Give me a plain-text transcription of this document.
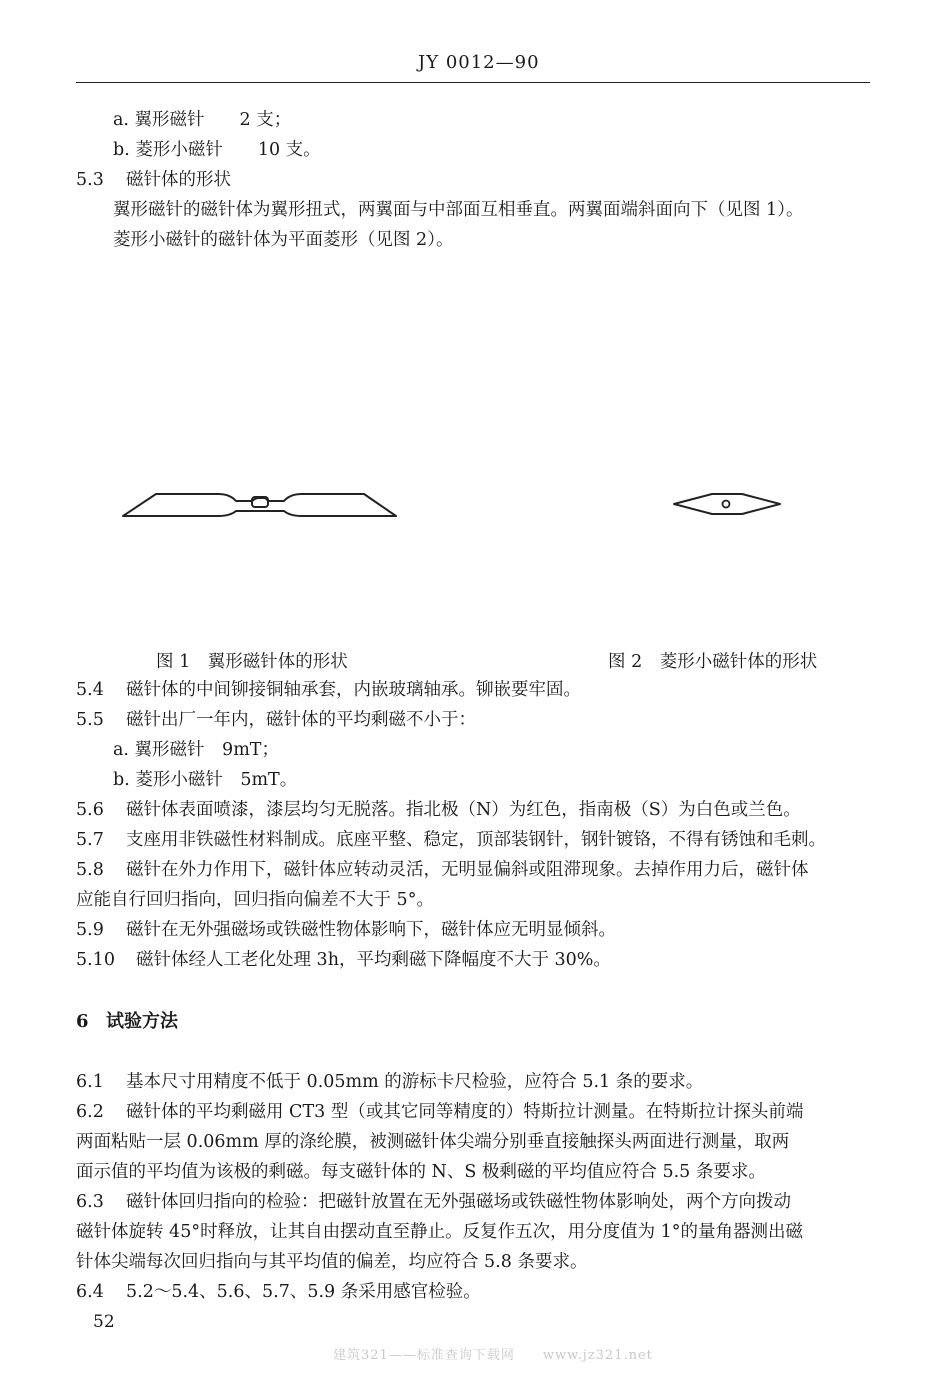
JY 0012—90
a. 翼形磁针　　2 支；
b. 菱形小磁针　　10 支。
5.3 磁针体的形状
翼形磁针的磁针体为翼形扭式，两翼面与中部面互相垂直。两翼面端斜面向下（见图 1）。
菱形小磁针的磁针体为平面菱形（见图 2）。
图 1　翼形磁针体的形状	图 2　菱形小磁针体的形状
5.4 磁针体的中间铆接铜轴承套，内嵌玻璃轴承。铆嵌要牢固。
5.5 磁针出厂一年内，磁针体的平均剩磁不小于：
a. 翼形磁针　9mT；
b. 菱形小磁针　5mT。
5.6 磁针体表面喷漆，漆层均匀无脱落。指北极（N）为红色，指南极（S）为白色或兰色。
5.7 支座用非铁磁性材料制成。底座平整、稳定，顶部装钢针，钢针镀铬，不得有锈蚀和毛刺。
5.8 磁针在外力作用下，磁针体应转动灵活，无明显偏斜或阻滞现象。去掉作用力后，磁针体
应能自行回归指向，回归指向偏差不大于 5°。
5.9 磁针在无外强磁场或铁磁性物体影响下，磁针体应无明显倾斜。
5.10 磁针体经人工老化处理 3h，平均剩磁下降幅度不大于 30%。
6 试验方法
6.1 基本尺寸用精度不低于 0.05mm 的游标卡尺检验，应符合 5.1 条的要求。
6.2 磁针体的平均剩磁用 CT3 型（或其它同等精度的）特斯拉计测量。在特斯拉计探头前端
两面粘贴一层 0.06mm 厚的涤纶膜，被测磁针体尖端分别垂直接触探头两面进行测量，取两
面示值的平均值为该极的剩磁。每支磁针体的 N、S 极剩磁的平均值应符合 5.5 条要求。
6.3 磁针体回归指向的检验：把磁针放置在无外强磁场或铁磁性物体影响处，两个方向拨动
磁针体旋转 45°时释放，让其自由摆动直至静止。反复作五次，用分度值为 1°的量角器测出磁
针体尖端每次回归指向与其平均值的偏差，均应符合 5.8 条要求。
6.4 5.2～5.4、5.6、5.7、5.9 条采用感官检验。
52
建筑321——标准查询下载网　　www.jz321.net
